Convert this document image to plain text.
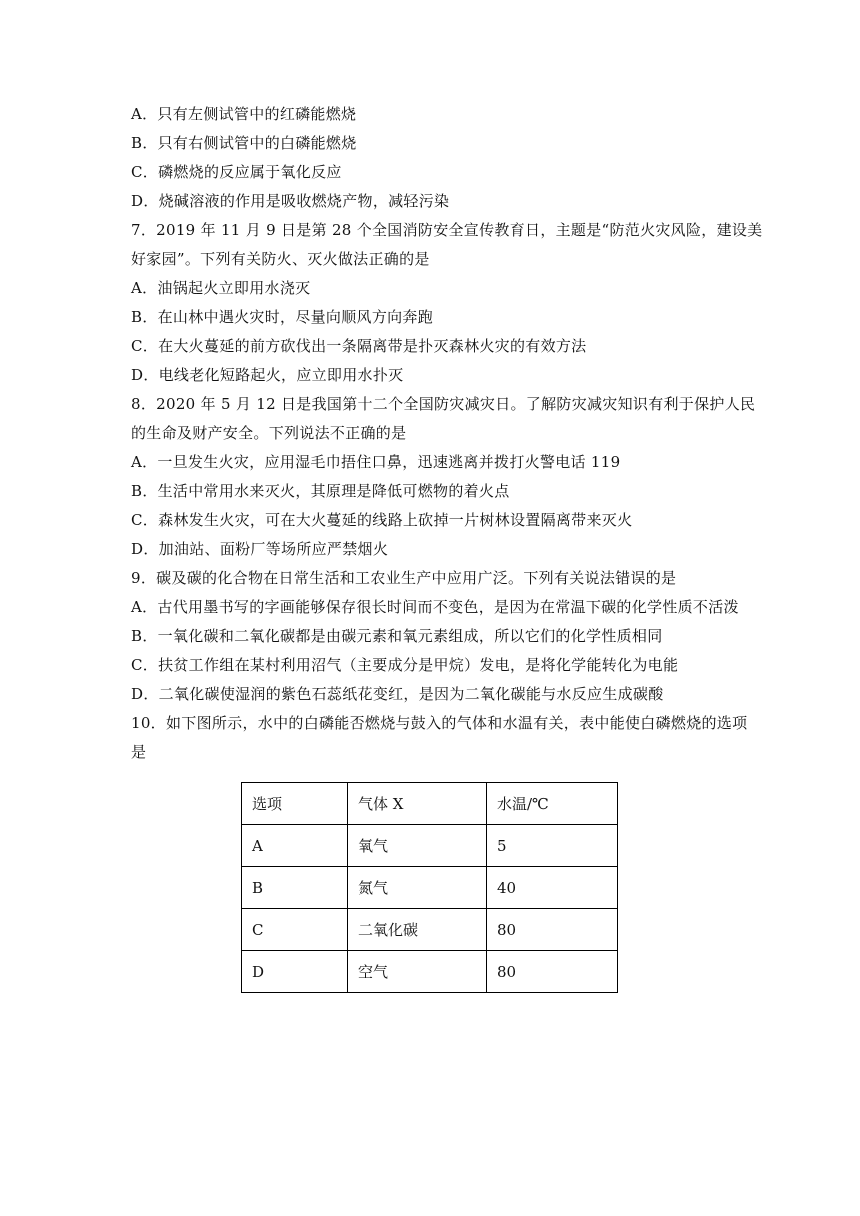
A．只有左侧试管中的红磷能燃烧
B．只有右侧试管中的白磷能燃烧
C．磷燃烧的反应属于氧化反应
D．烧碱溶液的作用是吸收燃烧产物，减轻污染
7．2019 年 11 月 9 日是第 28 个全国消防安全宣传教育日，主题是“防范火灾风险，建设美
好家园”。下列有关防火、灭火做法正确的是
A．油锅起火立即用水浇灭
B．在山林中遇火灾时，尽量向顺风方向奔跑
C．在大火蔓延的前方砍伐出一条隔离带是扑灭森林火灾的有效方法
D．电线老化短路起火，应立即用水扑灭
8．2020 年 5 月 12 日是我国第十二个全国防灾减灾日。了解防灾减灾知识有利于保护人民
的生命及财产安全。下列说法不正确的是
A．一旦发生火灾，应用湿毛巾捂住口鼻，迅速逃离并拨打火警电话 119
B．生活中常用水来灭火，其原理是降低可燃物的着火点
C．森林发生火灾，可在大火蔓延的线路上砍掉一片树林设置隔离带来灭火
D．加油站、面粉厂等场所应严禁烟火
9．碳及碳的化合物在日常生活和工农业生产中应用广泛。下列有关说法错误的是
A．古代用墨书写的字画能够保存很长时间而不变色，是因为在常温下碳的化学性质不活泼
B．一氧化碳和二氧化碳都是由碳元素和氧元素组成，所以它们的化学性质相同
C．扶贫工作组在某村利用沼气（主要成分是甲烷）发电，是将化学能转化为电能
D．二氧化碳使湿润的紫色石蕊纸花变红，是因为二氧化碳能与水反应生成碳酸
10．如下图所示，水中的白磷能否燃烧与鼓入的气体和水温有关，表中能使白磷燃烧的选项
是
选项	气体 X	水温/℃
A	氧气	5
B	氮气	40
C	二氧化碳	80
D	空气	80
